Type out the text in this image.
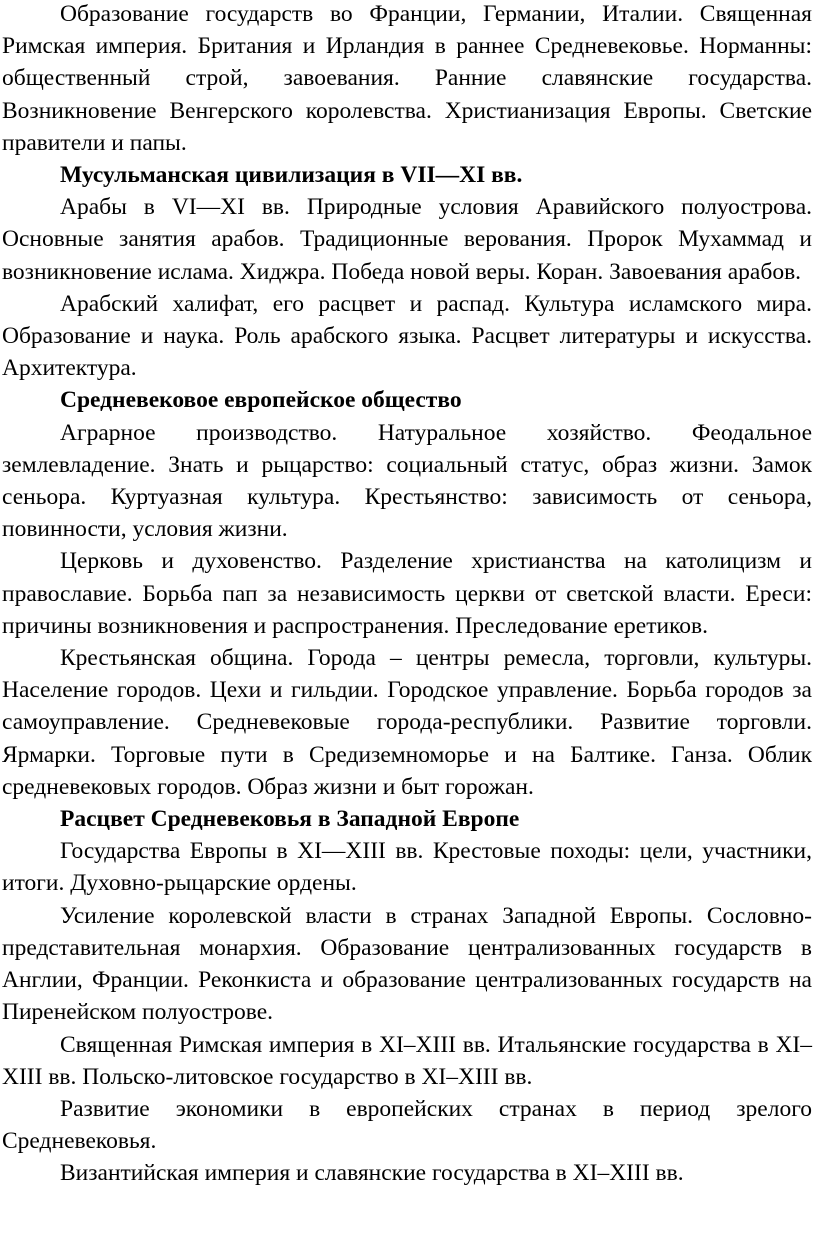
Образование государств во Франции, Германии, Италии. Священная Римская империя. Британия и Ирландия в раннее Средневековье. Норманны: общественный строй, завоевания. Ранние славянские государства. Возникновение Венгерского королевства. Христианизация Европы. Светские правители и папы.

Мусульманская цивилизация в VII—XI вв.

Арабы в VI—XI вв. Природные условия Аравийского полуострова. Основные занятия арабов. Традиционные верования. Пророк Мухаммад и возникновение ислама. Хиджра. Победа новой веры. Коран. Завоевания арабов.

Арабский халифат, его расцвет и распад. Культура исламского мира. Образование и наука. Роль арабского языка. Расцвет литературы и искусства. Архитектура.

Средневековое европейское общество

Аграрное производство. Натуральное хозяйство. Феодальное землевладение. Знать и рыцарство: социальный статус, образ жизни. Замок сеньора. Куртуазная культура. Крестьянство: зависимость от сеньора, повинности, условия жизни.

Церковь и духовенство. Разделение христианства на католицизм и православие. Борьба пап за независимость церкви от светской власти. Ереси: причины возникновения и распространения. Преследование еретиков.

Крестьянская община. Города – центры ремесла, торговли, культуры. Население городов. Цехи и гильдии. Городское управление. Борьба городов за самоуправление. Средневековые города-республики. Развитие торговли. Ярмарки. Торговые пути в Средиземноморье и на Балтике. Ганза. Облик средневековых городов. Образ жизни и быт горожан.

Расцвет Средневековья в Западной Европе

Государства Европы в XI—XIII вв. Крестовые походы: цели, участники, итоги. Духовно-рыцарские ордены.

Усиление королевской власти в странах Западной Европы. Сословно-представительная монархия. Образование централизованных государств в Англии, Франции. Реконкиста и образование централизованных государств на Пиренейском полуострове.

Священная Римская империя в XI–XIII вв. Итальянские государства в XI–XIII вв. Польско-литовское государство в XI–XIII вв.

Развитие экономики в европейских странах в период зрелого Средневековья.

Византийская империя и славянские государства в XI–XIII вв.
